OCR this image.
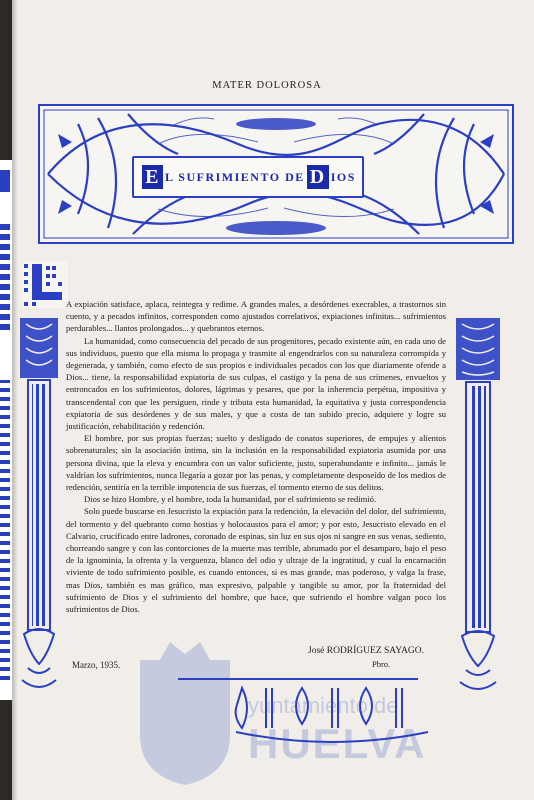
MATER DOLOROSA
E L SUFRIMIENTO DE D IOS

A expiación satisface, aplaca, reintegra y redime. A grandes males, a desórdenes execrables, a trastornos sin cuento, y a pecados infinitos, corresponden como ajustados correlativos, expiaciones infinitas... sufrimientos perdurables... llantos prolongados... y quebrantos eternos.

La humanidad, como consecuencia del pecado de sus progenitores, pecado existente aún, en cada uno de sus individuos, puesto que ella misma lo propaga y trasmite al engendrarlos con su naturaleza corrompida y degenerada, y también, como efecto de sus propios e individuales pecados con los que diariamente ofende a Dios... tiene, la responsabilidad expiatoria de sus culpas, el castigo y la pena de sus crímenes, envueltos y entroncados en los sufrimientos, dolores, lágrimas y pesares, que por la inherencia perpétua, impositiva y transcendental con que les persiguen, rinde y tributa esta humanidad, la equitativa y justa correspondencia expiatoria de sus desórdenes y de sus males, y que a costa de tan subido precio, adquiere y logre su justificación, rehabilitación y redención.

El hombre, por sus propias fuerzas; suelto y desligado de conatos superiores, de empujes y alientos sobrenaturales; sin la asociación íntima, sin la inclusión en la responsabilidad expiatoria asumida por una persona divina, que la eleva y encumbra con un valor suficiente, justo, superabundante e infinito... jamás le valdrían los sufrimientos, nunca llegaría a gozar por las penas, y completamente desposeído de los medios de redención, sentiría en la terrible impotencia de sus fuerzas, el tormento eterno de sus delitos.

Dios se hizo Hombre, y el hombre, toda la humanidad, por el sufrimiento se redimió.

Solo puede buscarse en Jesucristo la expiación para la redención, la elevación del dolor, del sufrimiento, del tormento y del quebranto como hostias y holocaustos para el amor; y por esto, Jesucristo elevado en el Calvario, crucificado entre ladrones, coronado de espinas, sin luz en sus ojos ni sangre en sus venas, sediento, chorreando sangre y con las contorciones de la muerte mas terrible, abrumado por el desamparo, bajo el peso de la ignominia, la ofrenta y la verguenza, blanco del odio y ultraje de la ingratitud, y cual la encarnación viviente de todo sufrimiento posible, es cuando entonces, si es mas grande, mas poderoso, y valga la frase, mas Dios, también es mas gráfico, mas expresivo, palpable y tangible su amor, por la fraternidad del sufrimiento de Dios y el sufrimiento del hombre, que hace, que sufriendo el hombre valgan poco los sufrimientos de Dios.

yuntamiento de
HUELVA
Marzo, 1935.
José RODRÍGUEZ SAYAGO.
Pbro.
